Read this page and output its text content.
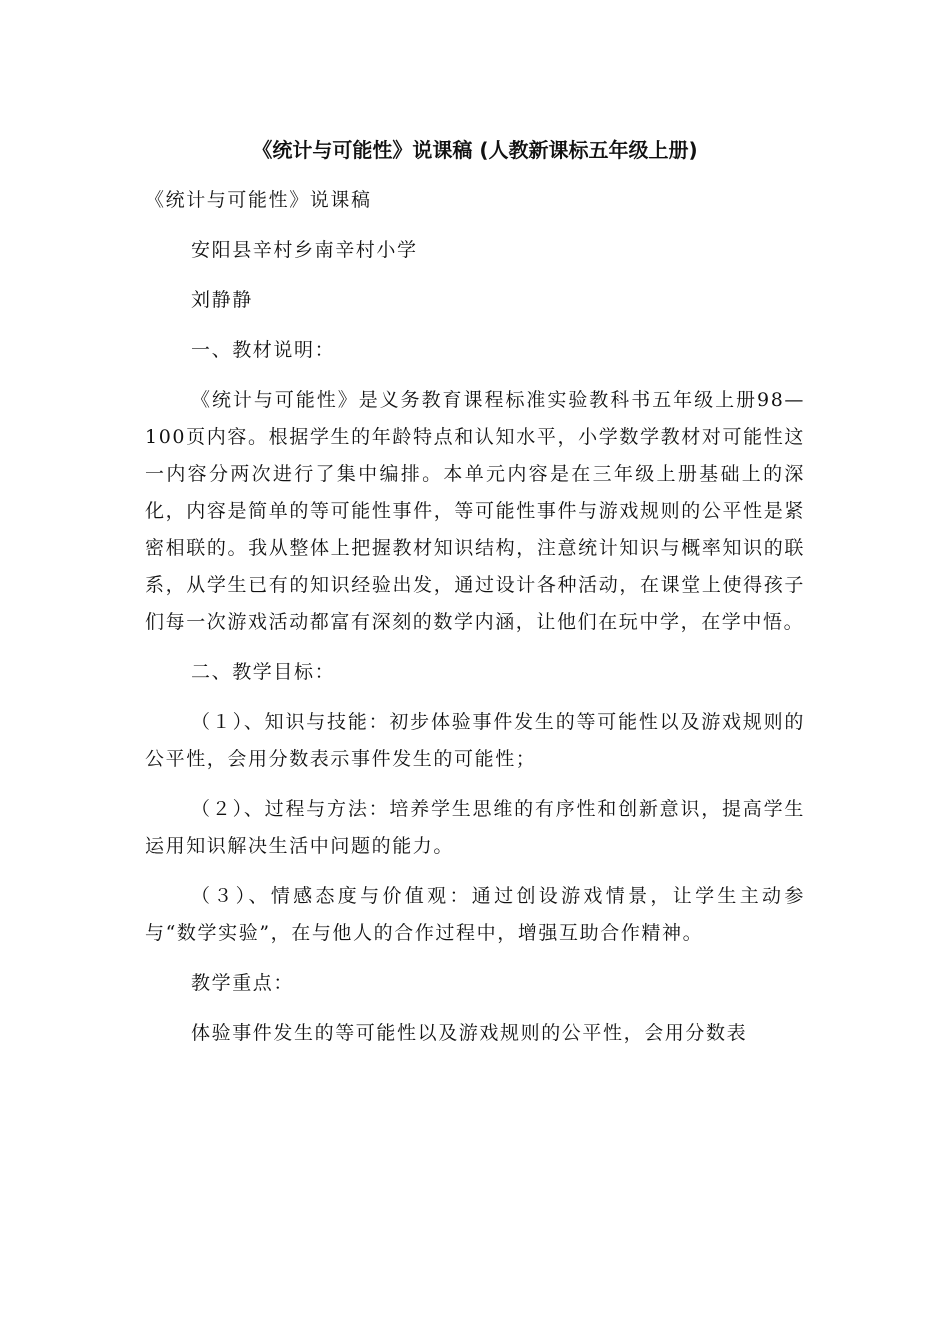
《统计与可能性》说课稿 (人教新课标五年级上册)

《统计与可能性》说课稿

安阳县辛村乡南辛村小学

刘静静

一、教材说明：

《统计与可能性》是义务教育课程标准实验教科书五年级上册98—100页内容。根据学生的年龄特点和认知水平，小学数学教材对可能性这一内容分两次进行了集中编排。本单元内容是在三年级上册基础上的深化，内容是简单的等可能性事件，等可能性事件与游戏规则的公平性是紧密相联的。我从整体上把握教材知识结构，注意统计知识与概率知识的联系，从学生已有的知识经验出发，通过设计各种活动，在课堂上使得孩子们每一次游戏活动都富有深刻的数学内涵，让他们在玩中学，在学中悟。

二、教学目标：

（１）、知识与技能：初步体验事件发生的等可能性以及游戏规则的公平性，会用分数表示事件发生的可能性；

（２）、过程与方法：培养学生思维的有序性和创新意识，提高学生运用知识解决生活中问题的能力。

（３）、情感态度与价值观：通过创设游戏情景，让学生主动参与“数学实验”，在与他人的合作过程中，增强互助合作精神。

教学重点：

体验事件发生的等可能性以及游戏规则的公平性，会用分数表
